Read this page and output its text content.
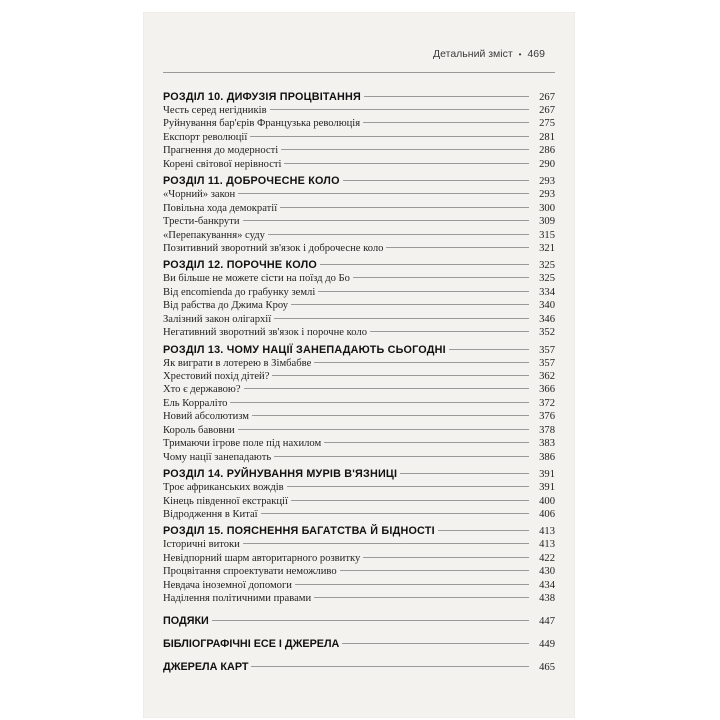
Детальний зміст • 469
РОЗДІЛ 10. ДИФУЗІЯ ПРОЦВІТАННЯ	267
Честь серед негідників	267
Руйнування бар'єрів Французька революція	275
Експорт революції	281
Прагнення до модерності	286
Корені світової нерівності	290
РОЗДІЛ 11. ДОБРОЧЕСНЕ КОЛО	293
«Чорний» закон	293
Повільна хода демократії	300
Трести-банкрути	309
«Перепакування» суду	315
Позитивний зворотний зв'язок і доброчесне коло	321
РОЗДІЛ 12. ПОРОЧНЕ КОЛО	325
Ви більше не можете сісти на поїзд до Бо	325
Від encomienda до грабунку землі	334
Від рабства до Джима Кроу	340
Залізний закон олігархії	346
Негативний зворотний зв'язок і порочне коло	352
РОЗДІЛ 13. ЧОМУ НАЦІЇ ЗАНЕПАДАЮТЬ СЬОГОДНІ	357
Як виграти в лотерею в Зімбабве	357
Хрестовий похід дітей?	362
Хто є державою?	366
Ель Корраліто	372
Новий абсолютизм	376
Король бавовни	378
Тримаючи ігрове поле під нахилом	383
Чому нації занепадають	386
РОЗДІЛ 14. РУЙНУВАННЯ МУРІВ В'ЯЗНИЦІ	391
Троє африканських вождів	391
Кінець південної екстракції	400
Відродження в Китаї	406
РОЗДІЛ 15. ПОЯСНЕННЯ БАГАТСТВА Й БІДНОСТІ	413
Історичні витоки	413
Невідпорний шарм авторитарного розвитку	422
Процвітання спроектувати неможливо	430
Невдача іноземної допомоги	434
Наділення політичними правами	438
ПОДЯКИ	447
БІБЛІОГРАФІЧНІ ЕСЕ І ДЖЕРЕЛА	449
ДЖЕРЕЛА КАРТ	465
